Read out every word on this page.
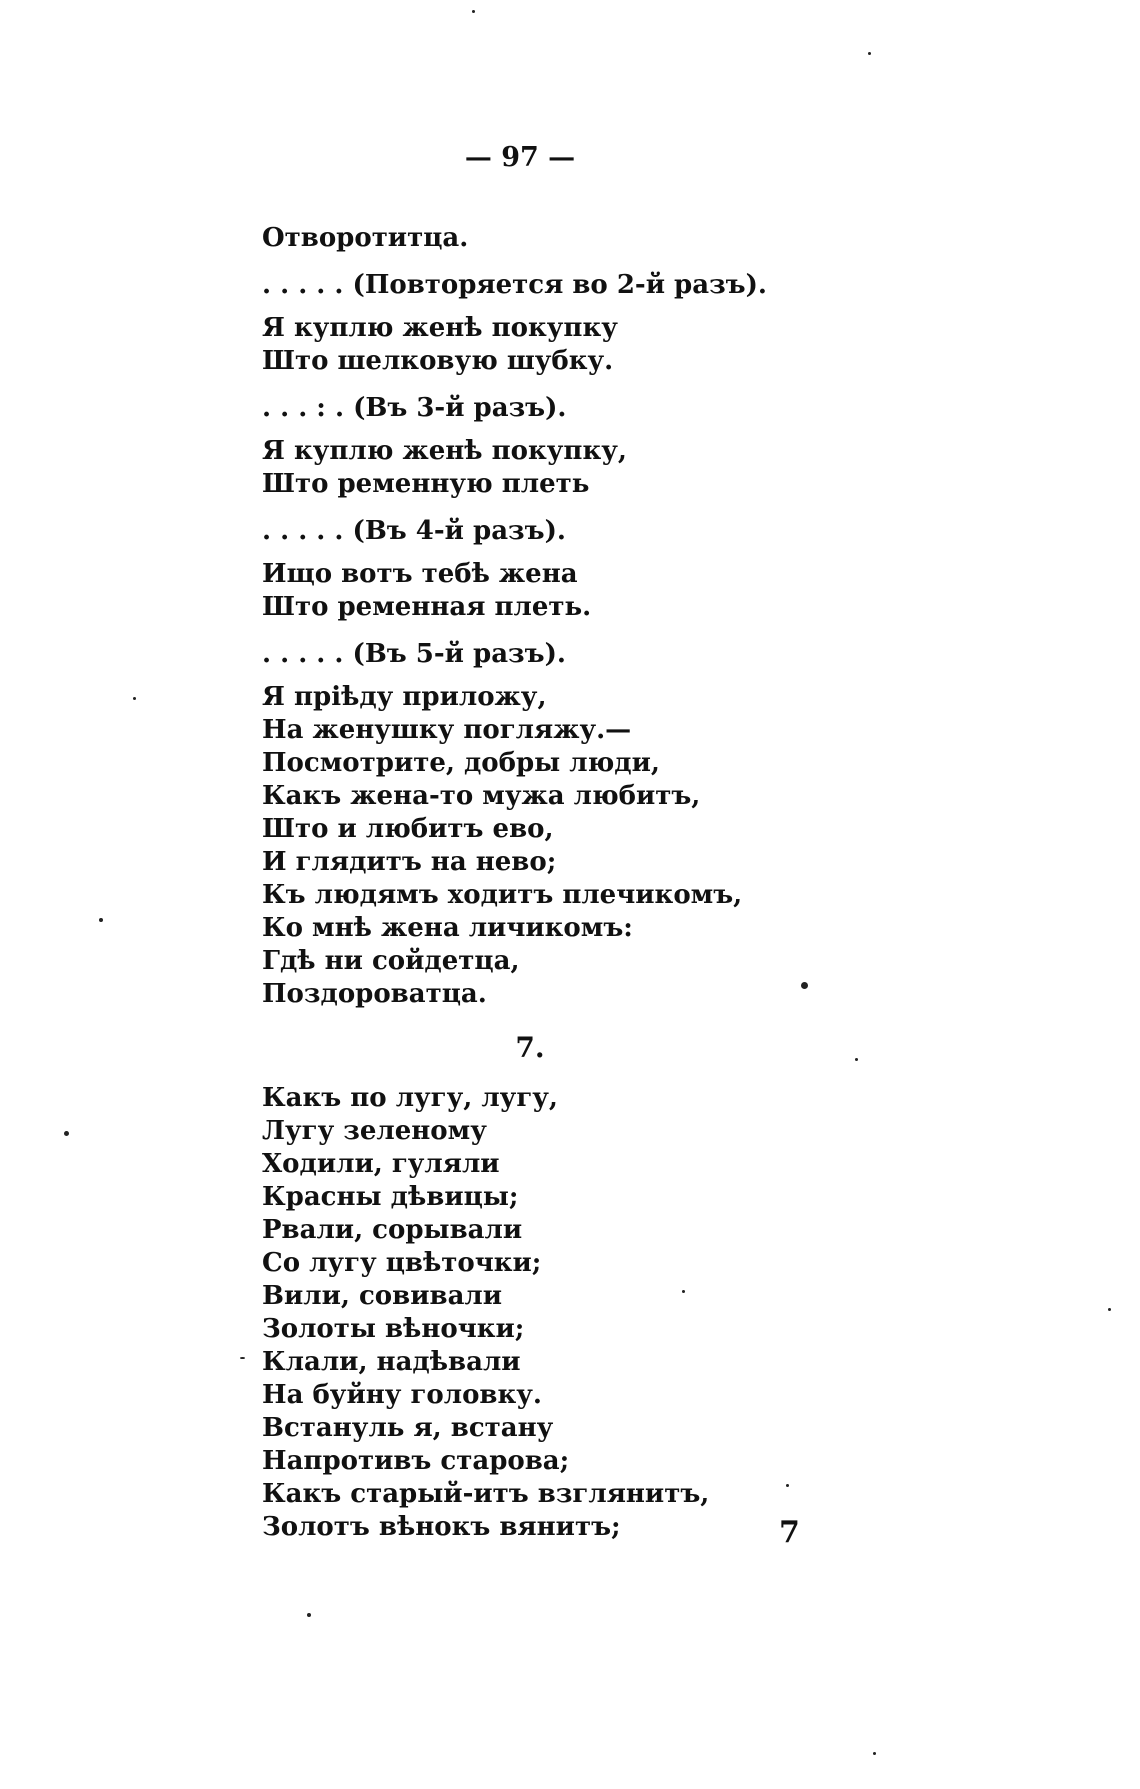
— 97 —
Отворотитца.
. . . . . (Повторяется во 2-й разъ).
Я куплю женѣ покупку
Што шелковую шубку.
. . . : . (Въ 3-й разъ).
Я куплю женѣ покупку,
Што ременную плеть
. . . . . (Въ 4-й разъ).
Ищо вотъ тебѣ жена
Што ременная плеть.
. . . . . (Въ 5-й разъ).
Я пріѣду приложу,
На женушку погляжу.—
Посмотрите, добры люди,
Какъ жена-то мужа любитъ,
Што и любитъ ево,
И глядитъ на нево;
Къ людямъ ходитъ плечикомъ,
Ко мнѣ жена личикомъ:
Гдѣ ни сойдетца,
Поздороватца.
7.
Какъ по лугу, лугу,
Лугу зеленому
Ходили, гуляли
Красны дѣвицы;
Рвали, сорывали
Со лугу цвѣточки;
Вили, совивали
Золоты вѣночки;
Клали, надѣвали
На буйну головку.
Встануль я, встану
Напротивъ старова;
Какъ старый-итъ взглянитъ,
Золотъ вѣнокъ вянитъ;	7
